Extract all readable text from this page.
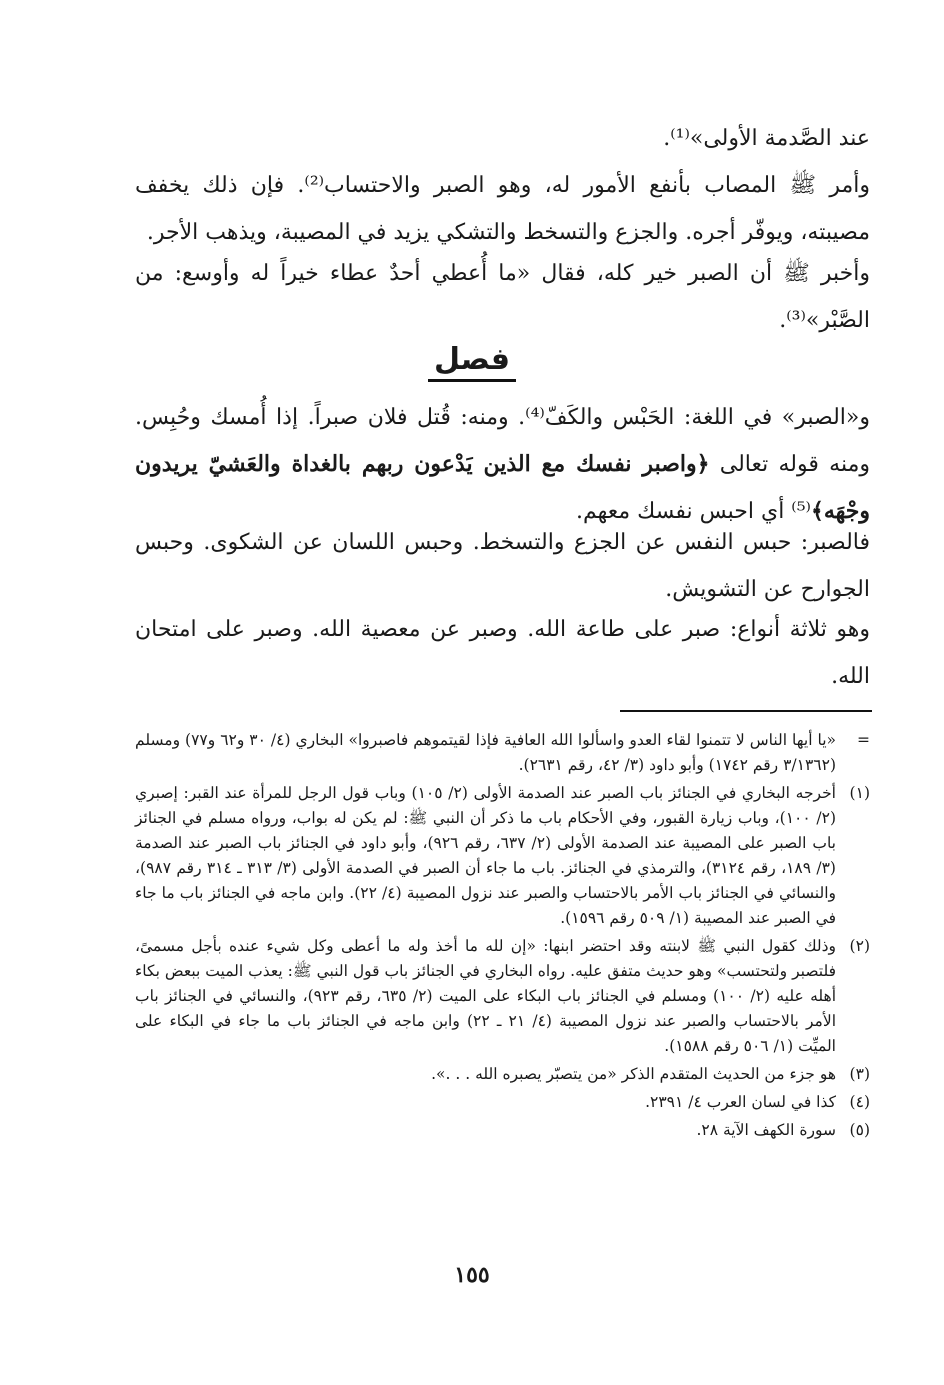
عند الصَّدمة الأولى»⁽¹⁾.

وأمر ﷺ المصاب بأنفع الأمور له، وهو الصبر والاحتساب⁽²⁾. فإن ذلك يخفف مصيبته، ويوفّر أجره. والجزع والتسخط والتشكي يزيد في المصيبة، ويذهب الأجر.

وأخبر ﷺ أن الصبر خير كله، فقال «ما أُعطي أحدٌ عطاء خيراً له وأوسع: من الصَّبْر»⁽³⁾.

فصل

و«الصبر» في اللغة: الحَبْس والكَفّ⁽⁴⁾. ومنه: قُتل فلان صبراً. إذا أُمسك وحُبِس. ومنه قوله تعالى ﴿واصبر نفسك مع الذين يَدْعون ربهم بالغداة والعَشيّ يريدون وجْهَه﴾⁽⁵⁾ أي احبس نفسك معهم.

فالصبر: حبس النفس عن الجزع والتسخط. وحبس اللسان عن الشكوى. وحبس الجوارح عن التشويش.

وهو ثلاثة أنواع: صبر على طاعة الله. وصبر عن معصية الله. وصبر على امتحان الله.

=
«يا أيها الناس لا تتمنوا لقاء العدو واسألوا الله العافية فإذا لقيتموهم فاصبروا» البخاري (٤/ ٣٠ و٦٢ و٧٧) ومسلم (٣/١٣٦٢ رقم ١٧٤٢) وأبو داود (٣/ ٤٢، رقم ٢٦٣١).
(١)
أخرجه البخاري في الجنائز باب الصبر عند الصدمة الأولى (٢/ ١٠٥) وباب قول الرجل للمرأة عند القبر: إصبري (٢/ ١٠٠)، وباب زيارة القبور، وفي الأحكام باب ما ذكر أن النبي ﷺ: لم يكن له بواب، ورواه مسلم في الجنائز باب الصبر على المصيبة عند الصدمة الأولى (٢/ ٦٣٧، رقم ٩٢٦)، وأبو داود في الجنائز باب الصبر عند الصدمة (٣/ ١٨٩، رقم ٣١٢٤)، والترمذي في الجنائز. باب ما جاء أن الصبر في الصدمة الأولى (٣/ ٣١٣ ـ ٣١٤ رقم ٩٨٧)، والنسائي في الجنائز باب الأمر بالاحتساب والصبر عند نزول المصيبة (٤/ ٢٢). وابن ماجه في الجنائز باب ما جاء في الصبر عند المصيبة (١/ ٥٠٩ رقم ١٥٩٦).
(٢)
وذلك كقول النبي ﷺ لابنته وقد احتضر ابنها: «إن لله ما أخذ وله ما أعطى وكل شيء عنده بأجل مسمىً، فلتصبر ولتحتسب» وهو حديث متفق عليه. رواه البخاري في الجنائز باب قول النبي ﷺ: يعذب الميت ببعض بكاء أهله عليه (٢/ ١٠٠) ومسلم في الجنائز باب البكاء على الميت (٢/ ٦٣٥، رقم ٩٢٣)، والنسائي في الجنائز باب الأمر بالاحتساب والصبر عند نزول المصيبة (٤/ ٢١ ـ ٢٢) وابن ماجه في الجنائز باب ما جاء في البكاء على الميِّت (١/ ٥٠٦ رقم ١٥٨٨).
(٣)
هو جزء من الحديث المتقدم الذكر «من يتصبّر يصبره الله . . .».
(٤)
كذا في لسان العرب ٤/ ٢٣٩١.
(٥)
سورة الكهف الآية ٢٨.
١٥٥
